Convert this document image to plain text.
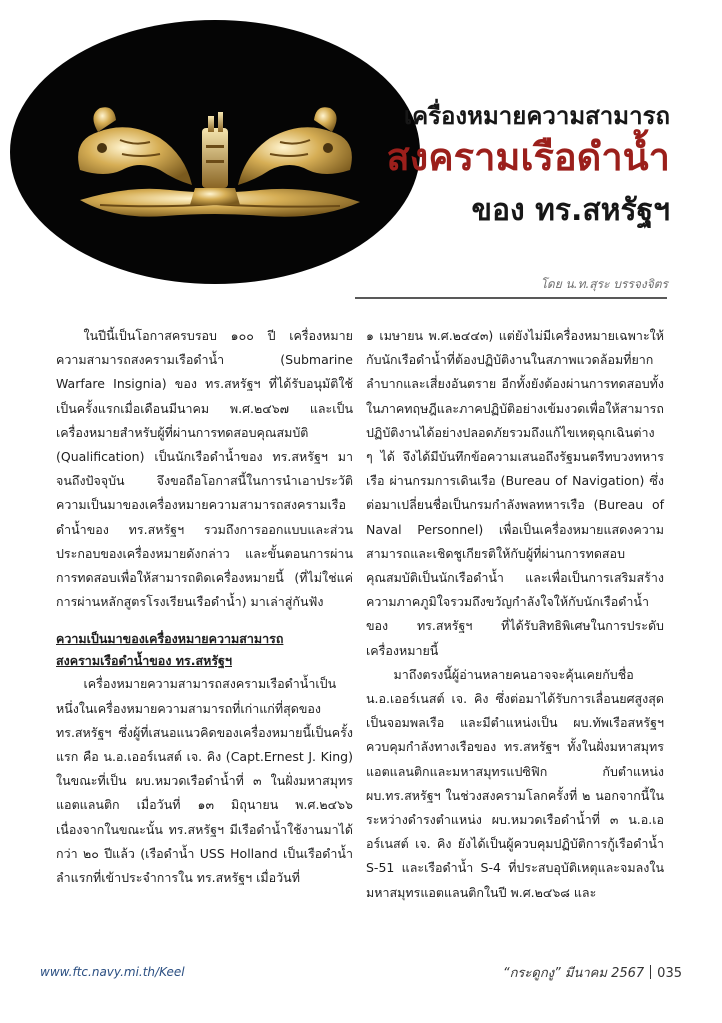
เครื่องหมายความสามารถ
สงครามเรือดำน้ำ
ของ ทร.สหรัฐฯ
โดย น.ท.สุระ บรรจงจิตร

ในปีนี้เป็นโอกาสครบรอบ ๑๐๐ ปี เครื่องหมายความสามารถสงครามเรือดำน้ำ (Submarine Warfare Insignia) ของ ทร.สหรัฐฯ ที่ได้รับอนุมัติใช้เป็นครั้งแรกเมื่อเดือนมีนาคม พ.ศ.๒๔๖๗ และเป็นเครื่องหมายสำหรับผู้ที่ผ่านการทดสอบคุณสมบัติ (Qualification) เป็นนักเรือดำน้ำของ ทร.สหรัฐฯ มาจนถึงปัจจุบัน จึงขอถือโอกาสนี้ในการนำเอาประวัติความเป็นมาของเครื่องหมายความสามารถสงครามเรือดำน้ำของ ทร.สหรัฐฯ รวมถึงการออกแบบและส่วนประกอบของเครื่องหมายดังกล่าว และขั้นตอนการผ่านการทดสอบเพื่อให้สามารถติดเครื่องหมายนี้ (ที่ไม่ใช่แค่การผ่านหลักสูตรโรงเรียนเรือดำน้ำ) มาเล่าสู่กันฟัง

ความเป็นมาของเครื่องหมายความสามารถ
สงครามเรือดำน้ำของ ทร.สหรัฐฯ

เครื่องหมายความสามารถสงครามเรือดำน้ำเป็นหนึ่งในเครื่องหมายความสามารถที่เก่าแก่ที่สุดของ ทร.สหรัฐฯ ซึ่งผู้ที่เสนอแนวคิดของเครื่องหมายนี้เป็นครั้งแรก คือ น.อ.เออร์เนสต์ เจ. คิง (Capt.Ernest J. King) ในขณะที่เป็น ผบ.หมวดเรือดำน้ำที่ ๓ ในฝั่งมหาสมุทรแอตแลนติก เมื่อวันที่ ๑๓ มิถุนายน พ.ศ.๒๔๖๖ เนื่องจากในขณะนั้น ทร.สหรัฐฯ มีเรือดำน้ำใช้งานมาได้กว่า ๒๐ ปีแล้ว (เรือดำน้ำ USS Holland เป็นเรือดำน้ำลำแรกที่เข้าประจำการใน ทร.สหรัฐฯ เมื่อวันที่

๑ เมษายน พ.ศ.๒๔๔๓) แต่ยังไม่มีเครื่องหมายเฉพาะให้กับนักเรือดำน้ำที่ต้องปฏิบัติงานในสภาพแวดล้อมที่ยากลำบากและเสี่ยงอันตราย อีกทั้งยังต้องผ่านการทดสอบทั้งในภาคทฤษฎีและภาคปฏิบัติอย่างเข้มงวดเพื่อให้สามารถปฏิบัติงานได้อย่างปลอดภัยรวมถึงแก้ไขเหตุฉุกเฉินต่าง ๆ ได้ จึงได้มีบันทึกข้อความเสนอถึงรัฐมนตรีทบวงทหารเรือ ผ่านกรมการเดินเรือ (Bureau of Navigation) ซึ่งต่อมาเปลี่ยนชื่อเป็นกรมกำลังพลทหารเรือ (Bureau of Naval Personnel) เพื่อเป็นเครื่องหมายแสดงความสามารถและเชิดชูเกียรติให้กับผู้ที่ผ่านการทดสอบคุณสมบัติเป็นนักเรือดำน้ำ และเพื่อเป็นการเสริมสร้างความภาคภูมิใจรวมถึงขวัญกำลังใจให้กับนักเรือดำน้ำของ ทร.สหรัฐฯ ที่ได้รับสิทธิพิเศษในการประดับเครื่องหมายนี้

มาถึงตรงนี้ผู้อ่านหลายคนอาจจะคุ้นเคยกับชื่อ น.อ.เออร์เนสต์ เจ. คิง ซึ่งต่อมาได้รับการเลื่อนยศสูงสุดเป็นจอมพลเรือ และมีตำแหน่งเป็น ผบ.ทัพเรือสหรัฐฯ ควบคุมกำลังทางเรือของ ทร.สหรัฐฯ ทั้งในฝั่งมหาสมุทรแอตแลนติกและมหาสมุทรแปซิฟิก กับตำแหน่ง ผบ.ทร.สหรัฐฯ ในช่วงสงครามโลกครั้งที่ ๒ นอกจากนี้ในระหว่างดำรงตำแหน่ง ผบ.หมวดเรือดำน้ำที่ ๓ น.อ.เออร์เนสต์ เจ. คิง ยังได้เป็นผู้ควบคุมปฏิบัติการกู้เรือดำน้ำ S-51 และเรือดำน้ำ S-4 ที่ประสบอุบัติเหตุและจมลงในมหาสมุทรแอตแลนติกในปี พ.ศ.๒๔๖๘ และ

www.ftc.navy.mi.th/Keel	“กระดูกงู” มีนาคม 2567 035
